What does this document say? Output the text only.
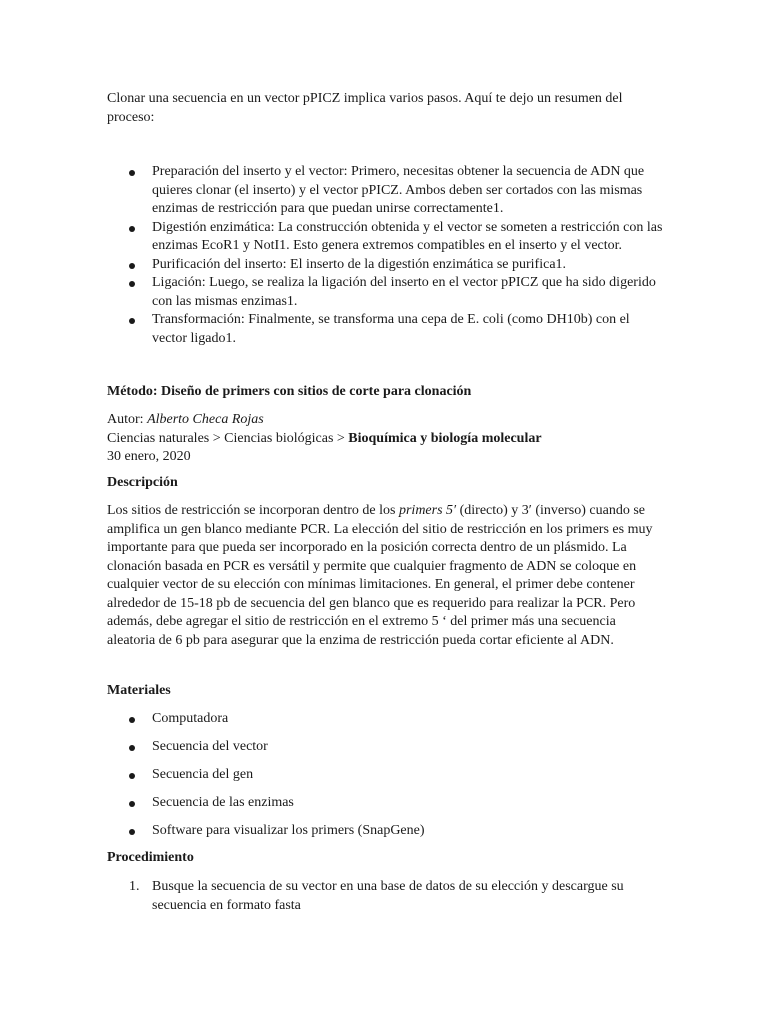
Clonar una secuencia en un vector pPICZ implica varios pasos. Aquí te dejo un resumen del proceso:

Preparación del inserto y el vector: Primero, necesitas obtener la secuencia de ADN que quieres clonar (el inserto) y el vector pPICZ. Ambos deben ser cortados con las mismas enzimas de restricción para que puedan unirse correctamente1.
Digestión enzimática: La construcción obtenida y el vector se someten a restricción con las enzimas EcoR1 y NotI1. Esto genera extremos compatibles en el inserto y el vector.
Purificación del inserto: El inserto de la digestión enzimática se purifica1.
Ligación: Luego, se realiza la ligación del inserto en el vector pPICZ que ha sido digerido con las mismas enzimas1.
Transformación: Finalmente, se transforma una cepa de E. coli (como DH10b) con el vector ligado1.

Método: Diseño de primers con sitios de corte para clonación

Autor: Alberto Checa Rojas
Ciencias naturales > Ciencias biológicas > Bioquímica y biología molecular
30 enero, 2020

Descripción

Los sitios de restricción se incorporan dentro de los primers 5′ (directo) y 3′ (inverso) cuando se amplifica un gen blanco mediante PCR. La elección del sitio de restricción en los primers es muy importante para que pueda ser incorporado en la posición correcta dentro de un plásmido. La clonación basada en PCR es versátil y permite que cualquier fragmento de ADN se coloque en cualquier vector de su elección con mínimas limitaciones. En general, el primer debe contener alrededor de 15-18 pb de secuencia del gen blanco que es requerido para realizar la PCR. Pero además, debe agregar el sitio de restricción en el extremo 5 ‘ del primer más una secuencia aleatoria de 6 pb para asegurar que la enzima de restricción pueda cortar eficiente al ADN.

Materiales

Computadora
Secuencia del vector
Secuencia del gen
Secuencia de las enzimas
Software para visualizar los primers (SnapGene)

Procedimiento

1. Busque la secuencia de su vector en una base de datos de su elección y descargue su secuencia en formato fasta
